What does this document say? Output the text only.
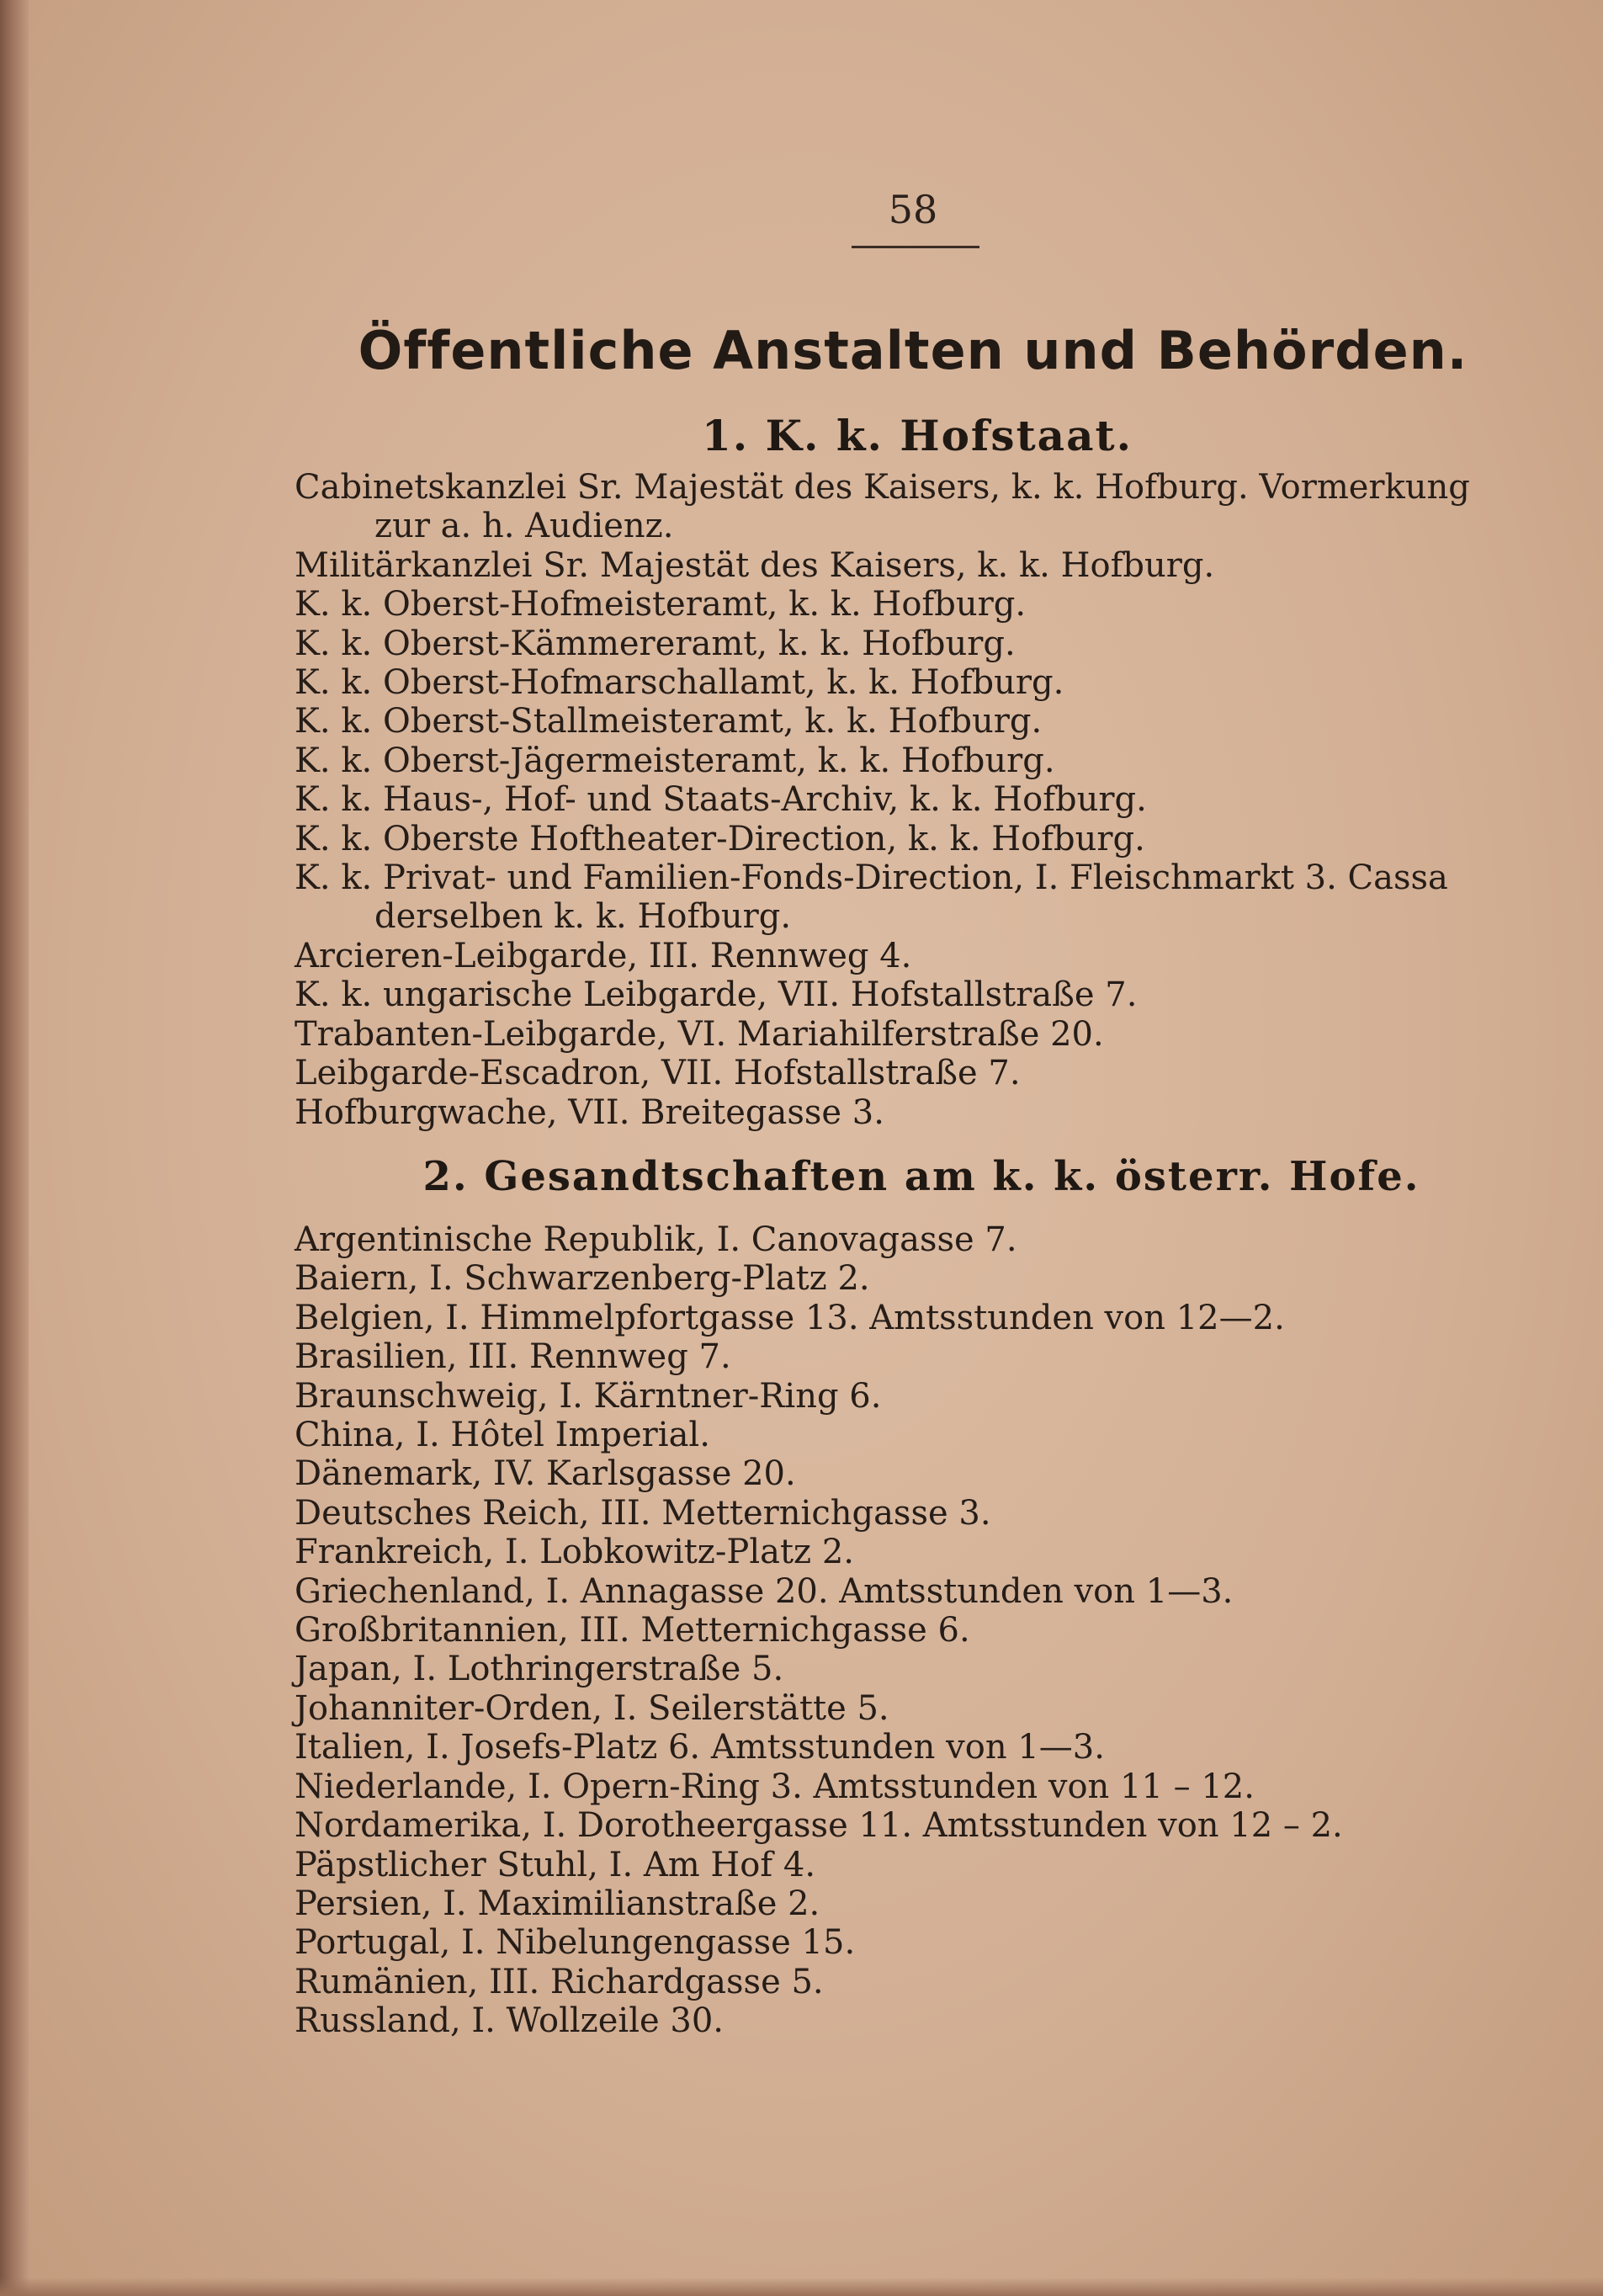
58
Öffentliche Anstalten und Behörden.
1. K. k. Hofstaat.
Cabinetskanzlei Sr. Majestät des Kaisers, k. k. Hofburg. Vormerkung zur a. h. Audienz.
Militärkanzlei Sr. Majestät des Kaisers, k. k. Hofburg.
K. k. Oberst-Hofmeisteramt, k. k. Hofburg.
K. k. Oberst-Kämmereramt, k. k. Hofburg.
K. k. Oberst-Hofmarschallamt, k. k. Hofburg.
K. k. Oberst-Stallmeisteramt, k. k. Hofburg.
K. k. Oberst-Jägermeisteramt, k. k. Hofburg.
K. k. Haus-, Hof- und Staats-Archiv, k. k. Hofburg.
K. k. Oberste Hoftheater-Direction, k. k. Hofburg.
K. k. Privat- und Familien-Fonds-Direction, I. Fleischmarkt 3. Cassa derselben k. k. Hofburg.
Arcieren-Leibgarde, III. Rennweg 4.
K. k. ungarische Leibgarde, VII. Hofstallstraße 7.
Trabanten-Leibgarde, VI. Mariahilferstraße 20.
Leibgarde-Escadron, VII. Hofstallstraße 7.
Hofburgwache, VII. Breitegasse 3.
2. Gesandtschaften am k. k. österr. Hofe.
Argentinische Republik, I. Canovagasse 7.
Baiern, I. Schwarzenberg-Platz 2.
Belgien, I. Himmelpfortgasse 13. Amtsstunden von 12—2.
Brasilien, III. Rennweg 7.
Braunschweig, I. Kärntner-Ring 6.
China, I. Hôtel Imperial.
Dänemark, IV. Karlsgasse 20.
Deutsches Reich, III. Metternichgasse 3.
Frankreich, I. Lobkowitz-Platz 2.
Griechenland, I. Annagasse 20. Amtsstunden von 1—3.
Großbritannien, III. Metternichgasse 6.
Japan, I. Lothringerstraße 5.
Johanniter-Orden, I. Seilerstätte 5.
Italien, I. Josefs-Platz 6. Amtsstunden von 1—3.
Niederlande, I. Opern-Ring 3. Amtsstunden von 11 – 12.
Nordamerika, I. Dorotheergasse 11. Amtsstunden von 12 – 2.
Päpstlicher Stuhl, I. Am Hof 4.
Persien, I. Maximilianstraße 2.
Portugal, I. Nibelungengasse 15.
Rumänien, III. Richardgasse 5.
Russland, I. Wollzeile 30.
